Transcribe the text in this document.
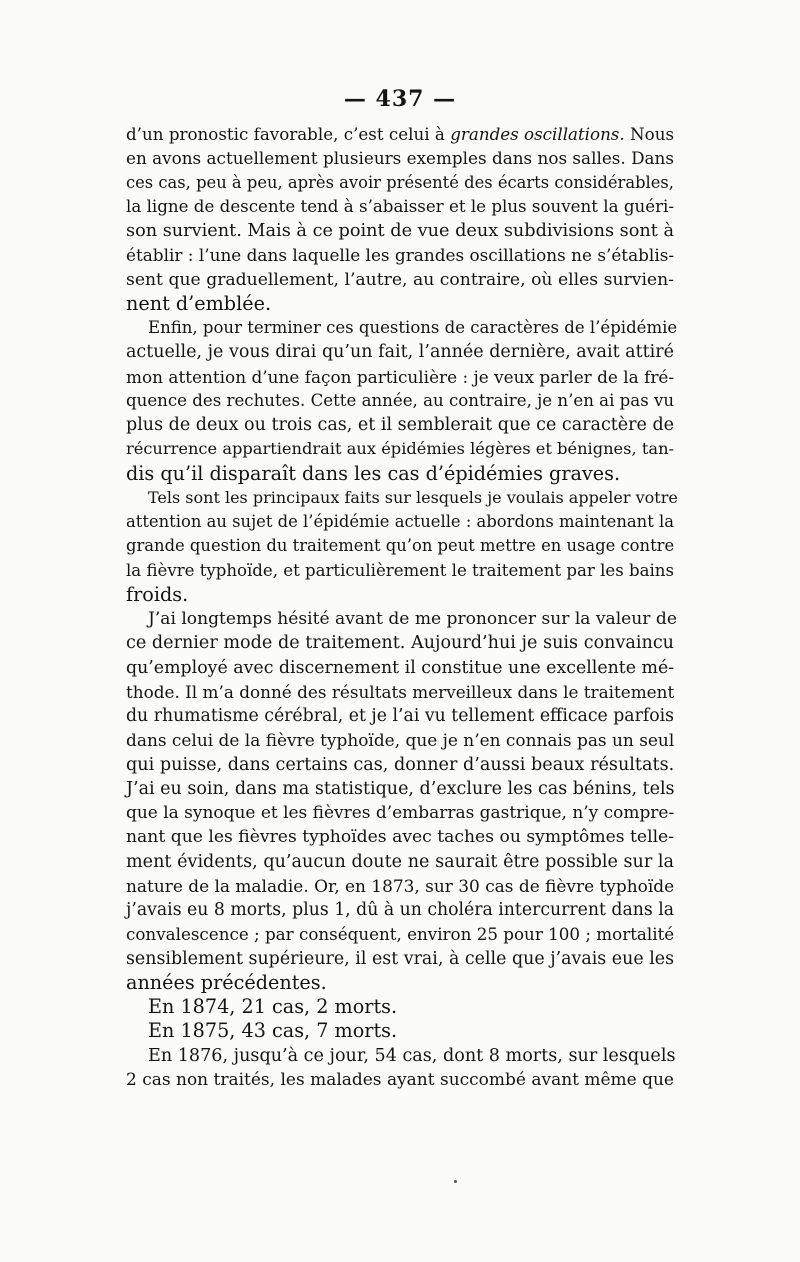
— 437 —
d’un pronostic favorable, c’est celui à grandes oscillations. Nous
en avons actuellement plusieurs exemples dans nos salles. Dans
ces cas, peu à peu, après avoir présenté des écarts considérables,
la ligne de descente tend à s’abaisser et le plus souvent la guéri-
son survient. Mais à ce point de vue deux subdivisions sont à
établir : l’une dans laquelle les grandes oscillations ne s’établis-
sent que graduellement, l’autre, au contraire, où elles survien-
nent d’emblée.
Enfin, pour terminer ces questions de caractères de l’épidémie
actuelle, je vous dirai qu’un fait, l’année dernière, avait attiré
mon attention d’une façon particulière : je veux parler de la fré-
quence des rechutes. Cette année, au contraire, je n’en ai pas vu
plus de deux ou trois cas, et il semblerait que ce caractère de
récurrence appartiendrait aux épidémies légères et bénignes, tan-
dis qu’il disparaît dans les cas d’épidémies graves.
Tels sont les principaux faits sur lesquels je voulais appeler votre
attention au sujet de l’épidémie actuelle : abordons maintenant la
grande question du traitement qu’on peut mettre en usage contre
la fièvre typhoïde, et particulièrement le traitement par les bains
froids.
J’ai longtemps hésité avant de me prononcer sur la valeur de
ce dernier mode de traitement. Aujourd’hui je suis convaincu
qu’employé avec discernement il constitue une excellente mé-
thode. Il m’a donné des résultats merveilleux dans le traitement
du rhumatisme cérébral, et je l’ai vu tellement efficace parfois
dans celui de la fièvre typhoïde, que je n’en connais pas un seul
qui puisse, dans certains cas, donner d’aussi beaux résultats.
J’ai eu soin, dans ma statistique, d’exclure les cas bénins, tels
que la synoque et les fièvres d’embarras gastrique, n’y compre-
nant que les fièvres typhoïdes avec taches ou symptômes telle-
ment évidents, qu’aucun doute ne saurait être possible sur la
nature de la maladie. Or, en 1873, sur 30 cas de fièvre typhoïde
j’avais eu 8 morts, plus 1, dû à un choléra intercurrent dans la
convalescence ; par conséquent, environ 25 pour 100 ; mortalité
sensiblement supérieure, il est vrai, à celle que j’avais eue les
années précédentes.
En 1874, 21 cas, 2 morts.
En 1875, 43 cas, 7 morts.
En 1876, jusqu’à ce jour, 54 cas, dont 8 morts, sur lesquels
2 cas non traités, les malades ayant succombé avant même que
